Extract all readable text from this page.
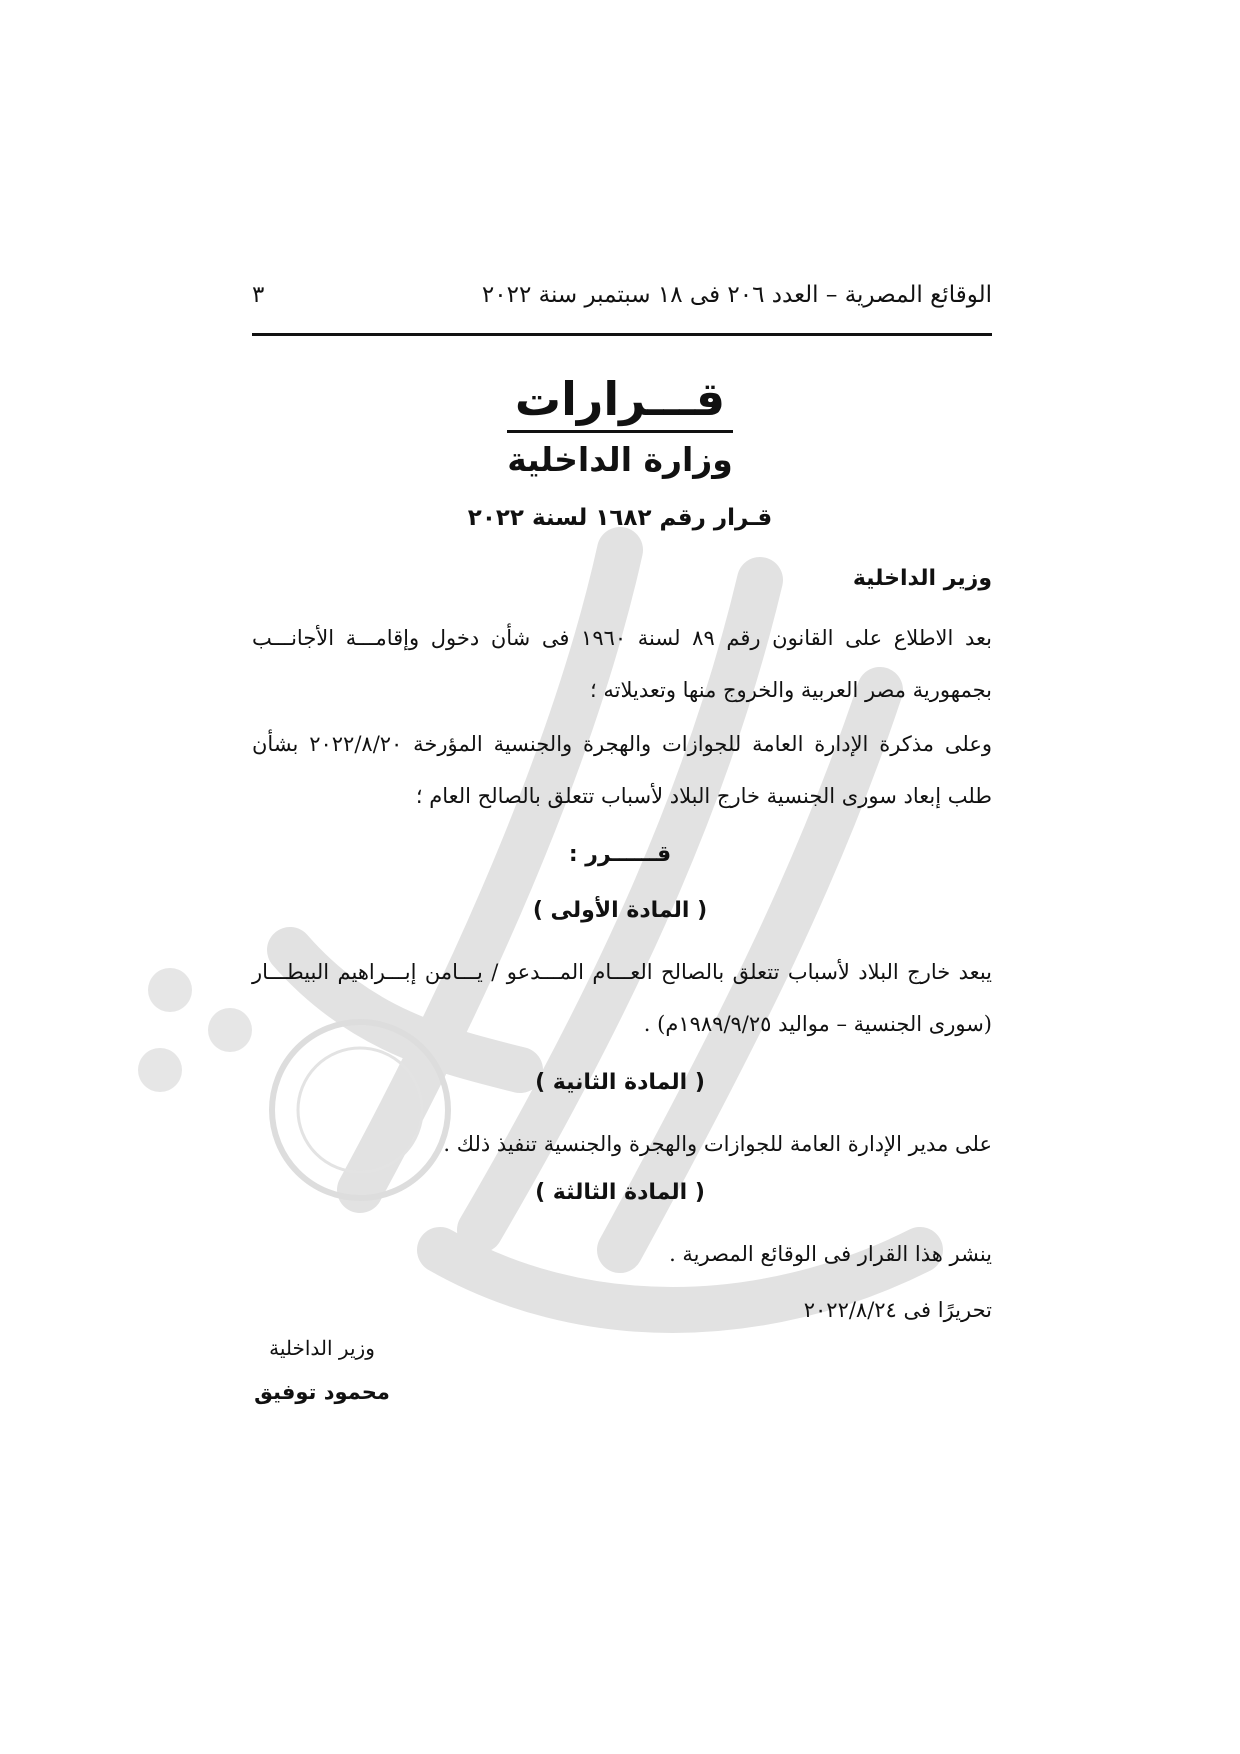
الوقائع المصرية – العدد ٢٠٦ فى ١٨ سبتمبر سنة ٢٠٢٢
٣
قـــرارات
وزارة الداخلية
قـرار رقم ١٦٨٢ لسنة ٢٠٢٢
وزير الداخلية
بعد الاطلاع على القانون رقم ٨٩ لسنة ١٩٦٠ فى شأن دخول وإقامـــة الأجانـــب بجمهورية مصر العربية والخروج منها وتعديلاته ؛
وعلى مذكرة الإدارة العامة للجوازات والهجرة والجنسية المؤرخة ٢٠٢٢/٨/٢٠ بشأن طلب إبعاد سورى الجنسية خارج البلاد لأسباب تتعلق بالصالح العام ؛
قــــــرر :
( المادة الأولى )
يبعد خارج البلاد لأسباب تتعلق بالصالح العـــام المـــدعو / يـــامن إبـــراهيم البيطـــار (سورى الجنسية – مواليد ١٩٨٩/٩/٢٥م) .
( المادة الثانية )
على مدير الإدارة العامة للجوازات والهجرة والجنسية تنفيذ ذلك .
( المادة الثالثة )
ينشر هذا القرار فى الوقائع المصرية .
تحريرًا فى ٢٠٢٢/٨/٢٤
وزير الداخلية
محمود توفيق
